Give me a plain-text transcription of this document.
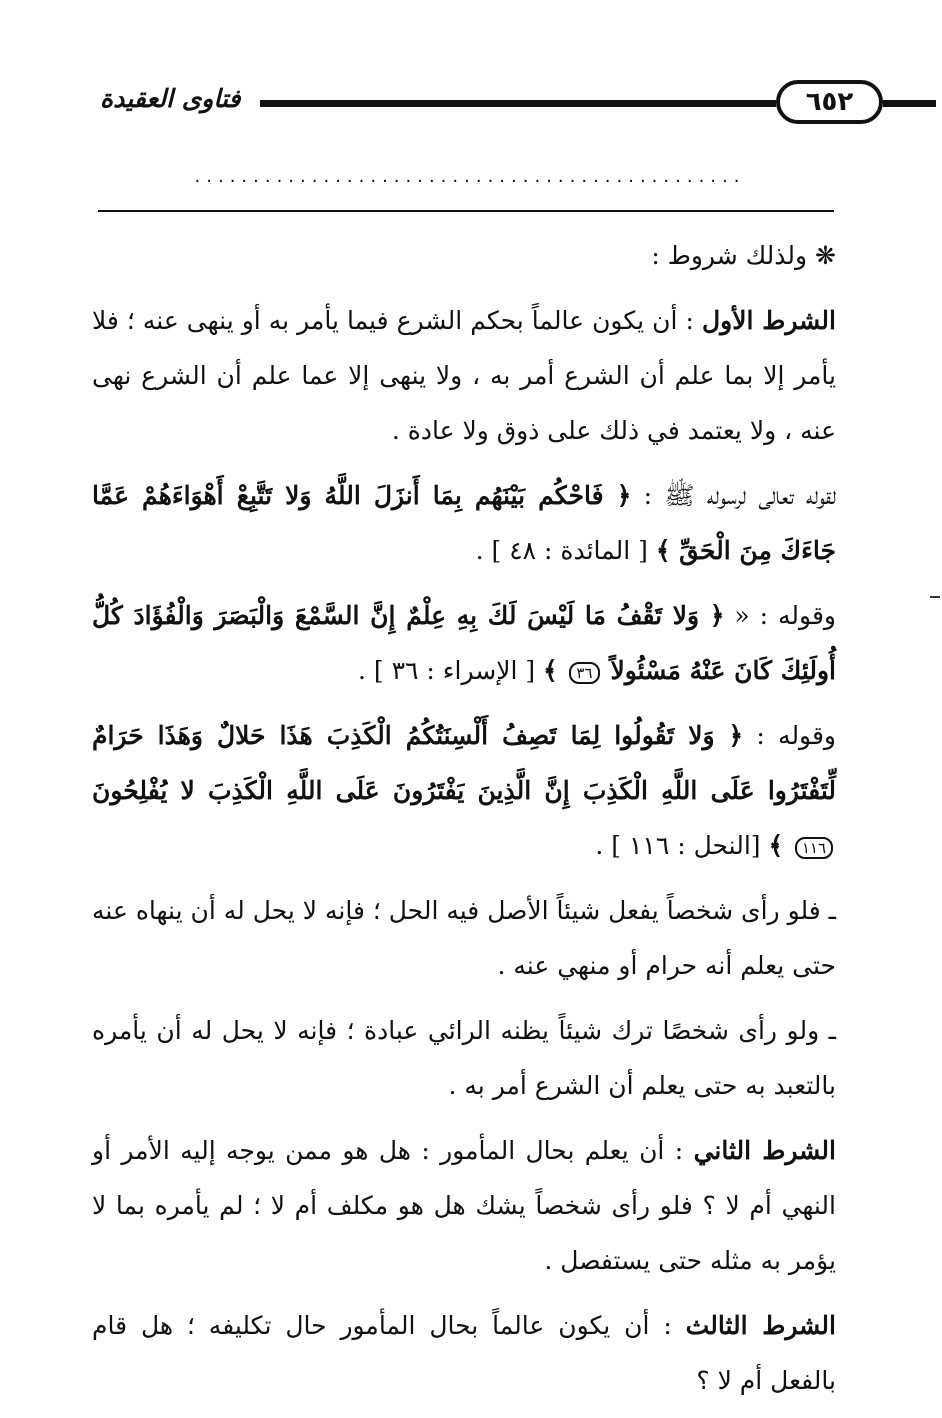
فتاوى العقيدة	٦٥٢
...............................................

❋ ولذلك شروط :

الشرط الأول : أن يكون عالماً بحكم الشرع فيما يأمر به أو ينهى عنه ؛ فلا يأمر إلا بما علم أن الشرع أمر به ، ولا ينهى إلا عما علم أن الشرع نهى عنه ، ولا يعتمد في ذلك على ذوق ولا عادة .

لقوله تعالى لرسوله ﷺ : ﴿ فَاحْكُم بَيْنَهُم بِمَا أَنزَلَ اللَّهُ وَلا تَتَّبِعْ أَهْوَاءَهُمْ عَمَّا جَاءَكَ مِنَ الْحَقِّ ﴾ [ المائدة : ٤٨ ] .

وقوله : « ﴿ وَلا تَقْفُ مَا لَيْسَ لَكَ بِهِ عِلْمٌ إِنَّ السَّمْعَ وَالْبَصَرَ وَالْفُؤَادَ كُلُّ أُولَئِكَ كَانَ عَنْهُ مَسْئُولاً ٣٦ ﴾ [ الإسراء : ٣٦ ] .

وقوله : ﴿ وَلا تَقُولُوا لِمَا تَصِفُ أَلْسِنَتُكُمُ الْكَذِبَ هَذَا حَلالٌ وَهَذَا حَرَامٌ لِّتَفْتَرُوا عَلَى اللَّهِ الْكَذِبَ إِنَّ الَّذِينَ يَفْتَرُونَ عَلَى اللَّهِ الْكَذِبَ لا يُفْلِحُونَ ١١٦ ﴾ [النحل : ١١٦ ] .

ـ فلو رأى شخصاً يفعل شيئاً الأصل فيه الحل ؛ فإنه لا يحل له أن ينهاه عنه حتى يعلم أنه حرام أو منهي عنه .

ـ ولو رأى شخصًا ترك شيئاً يظنه الرائي عبادة ؛ فإنه لا يحل له أن يأمره بالتعبد به حتى يعلم أن الشرع أمر به .

الشرط الثاني : أن يعلم بحال المأمور : هل هو ممن يوجه إليه الأمر أو النهي أم لا ؟ فلو رأى شخصاً يشك هل هو مكلف أم لا ؛ لم يأمره بما لا يؤمر به مثله حتى يستفصل .

الشرط الثالث : أن يكون عالماً بحال المأمور حال تكليفه ؛ هل قام بالفعل أم لا ؟
